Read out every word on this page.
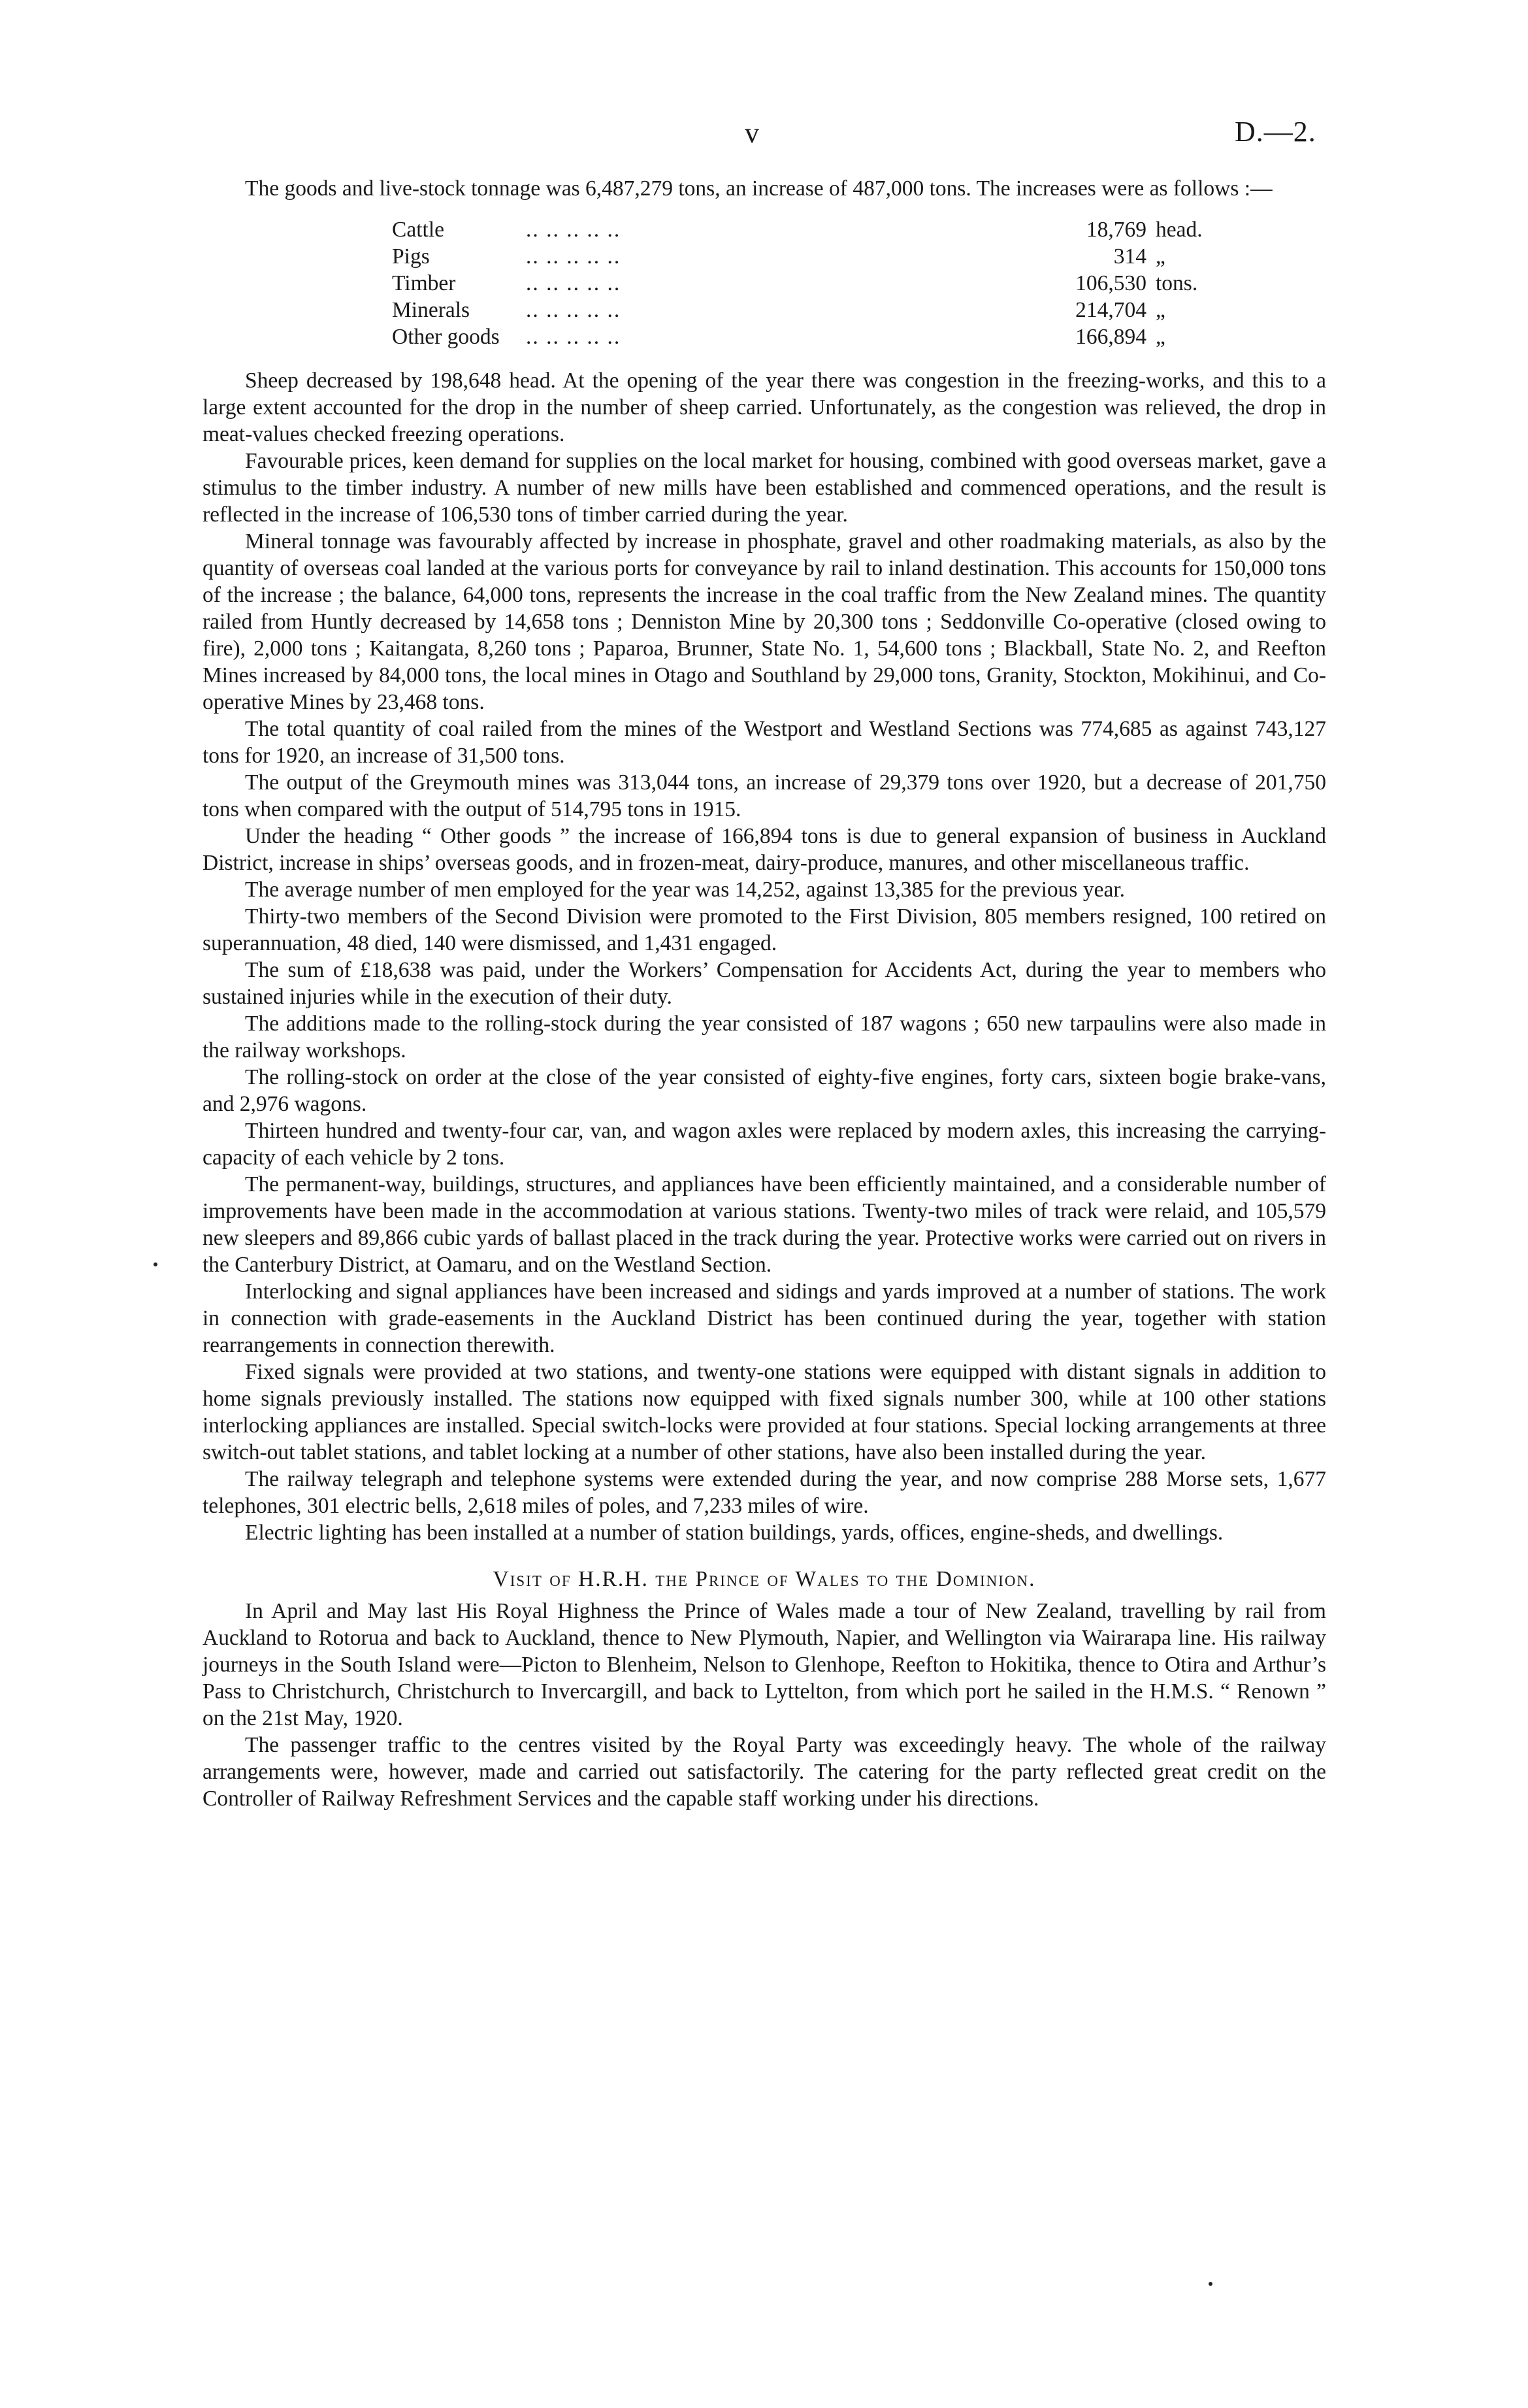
v	D.—2.

The goods and live-stock tonnage was 6,487,279 tons, an increase of 487,000 tons. The increases were as follows :—

Cattle	.. .. .. .. ..	18,769	head.
Pigs	.. .. .. .. ..	314	„
Timber	.. .. .. .. ..	106,530	tons.
Minerals	.. .. .. .. ..	214,704	„
Other goods	.. .. .. .. ..	166,894	„

Sheep decreased by 198,648 head. At the opening of the year there was congestion in the freezing-works, and this to a large extent accounted for the drop in the number of sheep carried. Unfortunately, as the congestion was relieved, the drop in meat-values checked freezing operations.

Favourable prices, keen demand for supplies on the local market for housing, combined with good overseas market, gave a stimulus to the timber industry. A number of new mills have been established and commenced operations, and the result is reflected in the increase of 106,530 tons of timber carried during the year.

Mineral tonnage was favourably affected by increase in phosphate, gravel and other roadmaking materials, as also by the quantity of overseas coal landed at the various ports for conveyance by rail to inland destination. This accounts for 150,000 tons of the increase ; the balance, 64,000 tons, represents the increase in the coal traffic from the New Zealand mines. The quantity railed from Huntly decreased by 14,658 tons ; Denniston Mine by 20,300 tons ; Seddonville Co-operative (closed owing to fire), 2,000 tons ; Kaitangata, 8,260 tons ; Paparoa, Brunner, State No. 1, 54,600 tons ; Blackball, State No. 2, and Reefton Mines increased by 84,000 tons, the local mines in Otago and Southland by 29,000 tons, Granity, Stockton, Mokihinui, and Co-operative Mines by 23,468 tons.

The total quantity of coal railed from the mines of the Westport and Westland Sections was 774,685 as against 743,127 tons for 1920, an increase of 31,500 tons.

The output of the Greymouth mines was 313,044 tons, an increase of 29,379 tons over 1920, but a decrease of 201,750 tons when compared with the output of 514,795 tons in 1915.

Under the heading “ Other goods ” the increase of 166,894 tons is due to general expansion of business in Auckland District, increase in ships’ overseas goods, and in frozen-meat, dairy-produce, manures, and other miscellaneous traffic.

The average number of men employed for the year was 14,252, against 13,385 for the previous year.

Thirty-two members of the Second Division were promoted to the First Division, 805 members resigned, 100 retired on superannuation, 48 died, 140 were dismissed, and 1,431 engaged.

The sum of £18,638 was paid, under the Workers’ Compensation for Accidents Act, during the year to members who sustained injuries while in the execution of their duty.

The additions made to the rolling-stock during the year consisted of 187 wagons ; 650 new tarpaulins were also made in the railway workshops.

The rolling-stock on order at the close of the year consisted of eighty-five engines, forty cars, sixteen bogie brake-vans, and 2,976 wagons.

Thirteen hundred and twenty-four car, van, and wagon axles were replaced by modern axles, this increasing the carrying-capacity of each vehicle by 2 tons.

The permanent-way, buildings, structures, and appliances have been efficiently maintained, and a considerable number of improvements have been made in the accommodation at various stations. Twenty-two miles of track were relaid, and 105,579 new sleepers and 89,866 cubic yards of ballast placed in the track during the year. Protective works were carried out on rivers in the Canterbury District, at Oamaru, and on the Westland Section.

Interlocking and signal appliances have been increased and sidings and yards improved at a number of stations. The work in connection with grade-easements in the Auckland District has been continued during the year, together with station rearrangements in connection therewith.

Fixed signals were provided at two stations, and twenty-one stations were equipped with distant signals in addition to home signals previously installed. The stations now equipped with fixed signals number 300, while at 100 other stations interlocking appliances are installed. Special switch-locks were provided at four stations. Special locking arrangements at three switch-out tablet stations, and tablet locking at a number of other stations, have also been installed during the year.

The railway telegraph and telephone systems were extended during the year, and now comprise 288 Morse sets, 1,677 telephones, 301 electric bells, 2,618 miles of poles, and 7,233 miles of wire.

Electric lighting has been installed at a number of station buildings, yards, offices, engine-sheds, and dwellings.

Visit of H.R.H. the Prince of Wales to the Dominion.

In April and May last His Royal Highness the Prince of Wales made a tour of New Zealand, travelling by rail from Auckland to Rotorua and back to Auckland, thence to New Plymouth, Napier, and Wellington via Wairarapa line. His railway journeys in the South Island were—Picton to Blenheim, Nelson to Glenhope, Reefton to Hokitika, thence to Otira and Arthur’s Pass to Christchurch, Christchurch to Invercargill, and back to Lyttelton, from which port he sailed in the H.M.S. “ Renown ” on the 21st May, 1920.

The passenger traffic to the centres visited by the Royal Party was exceedingly heavy. The whole of the railway arrangements were, however, made and carried out satisfactorily. The catering for the party reflected great credit on the Controller of Railway Refreshment Services and the capable staff working under his directions.
